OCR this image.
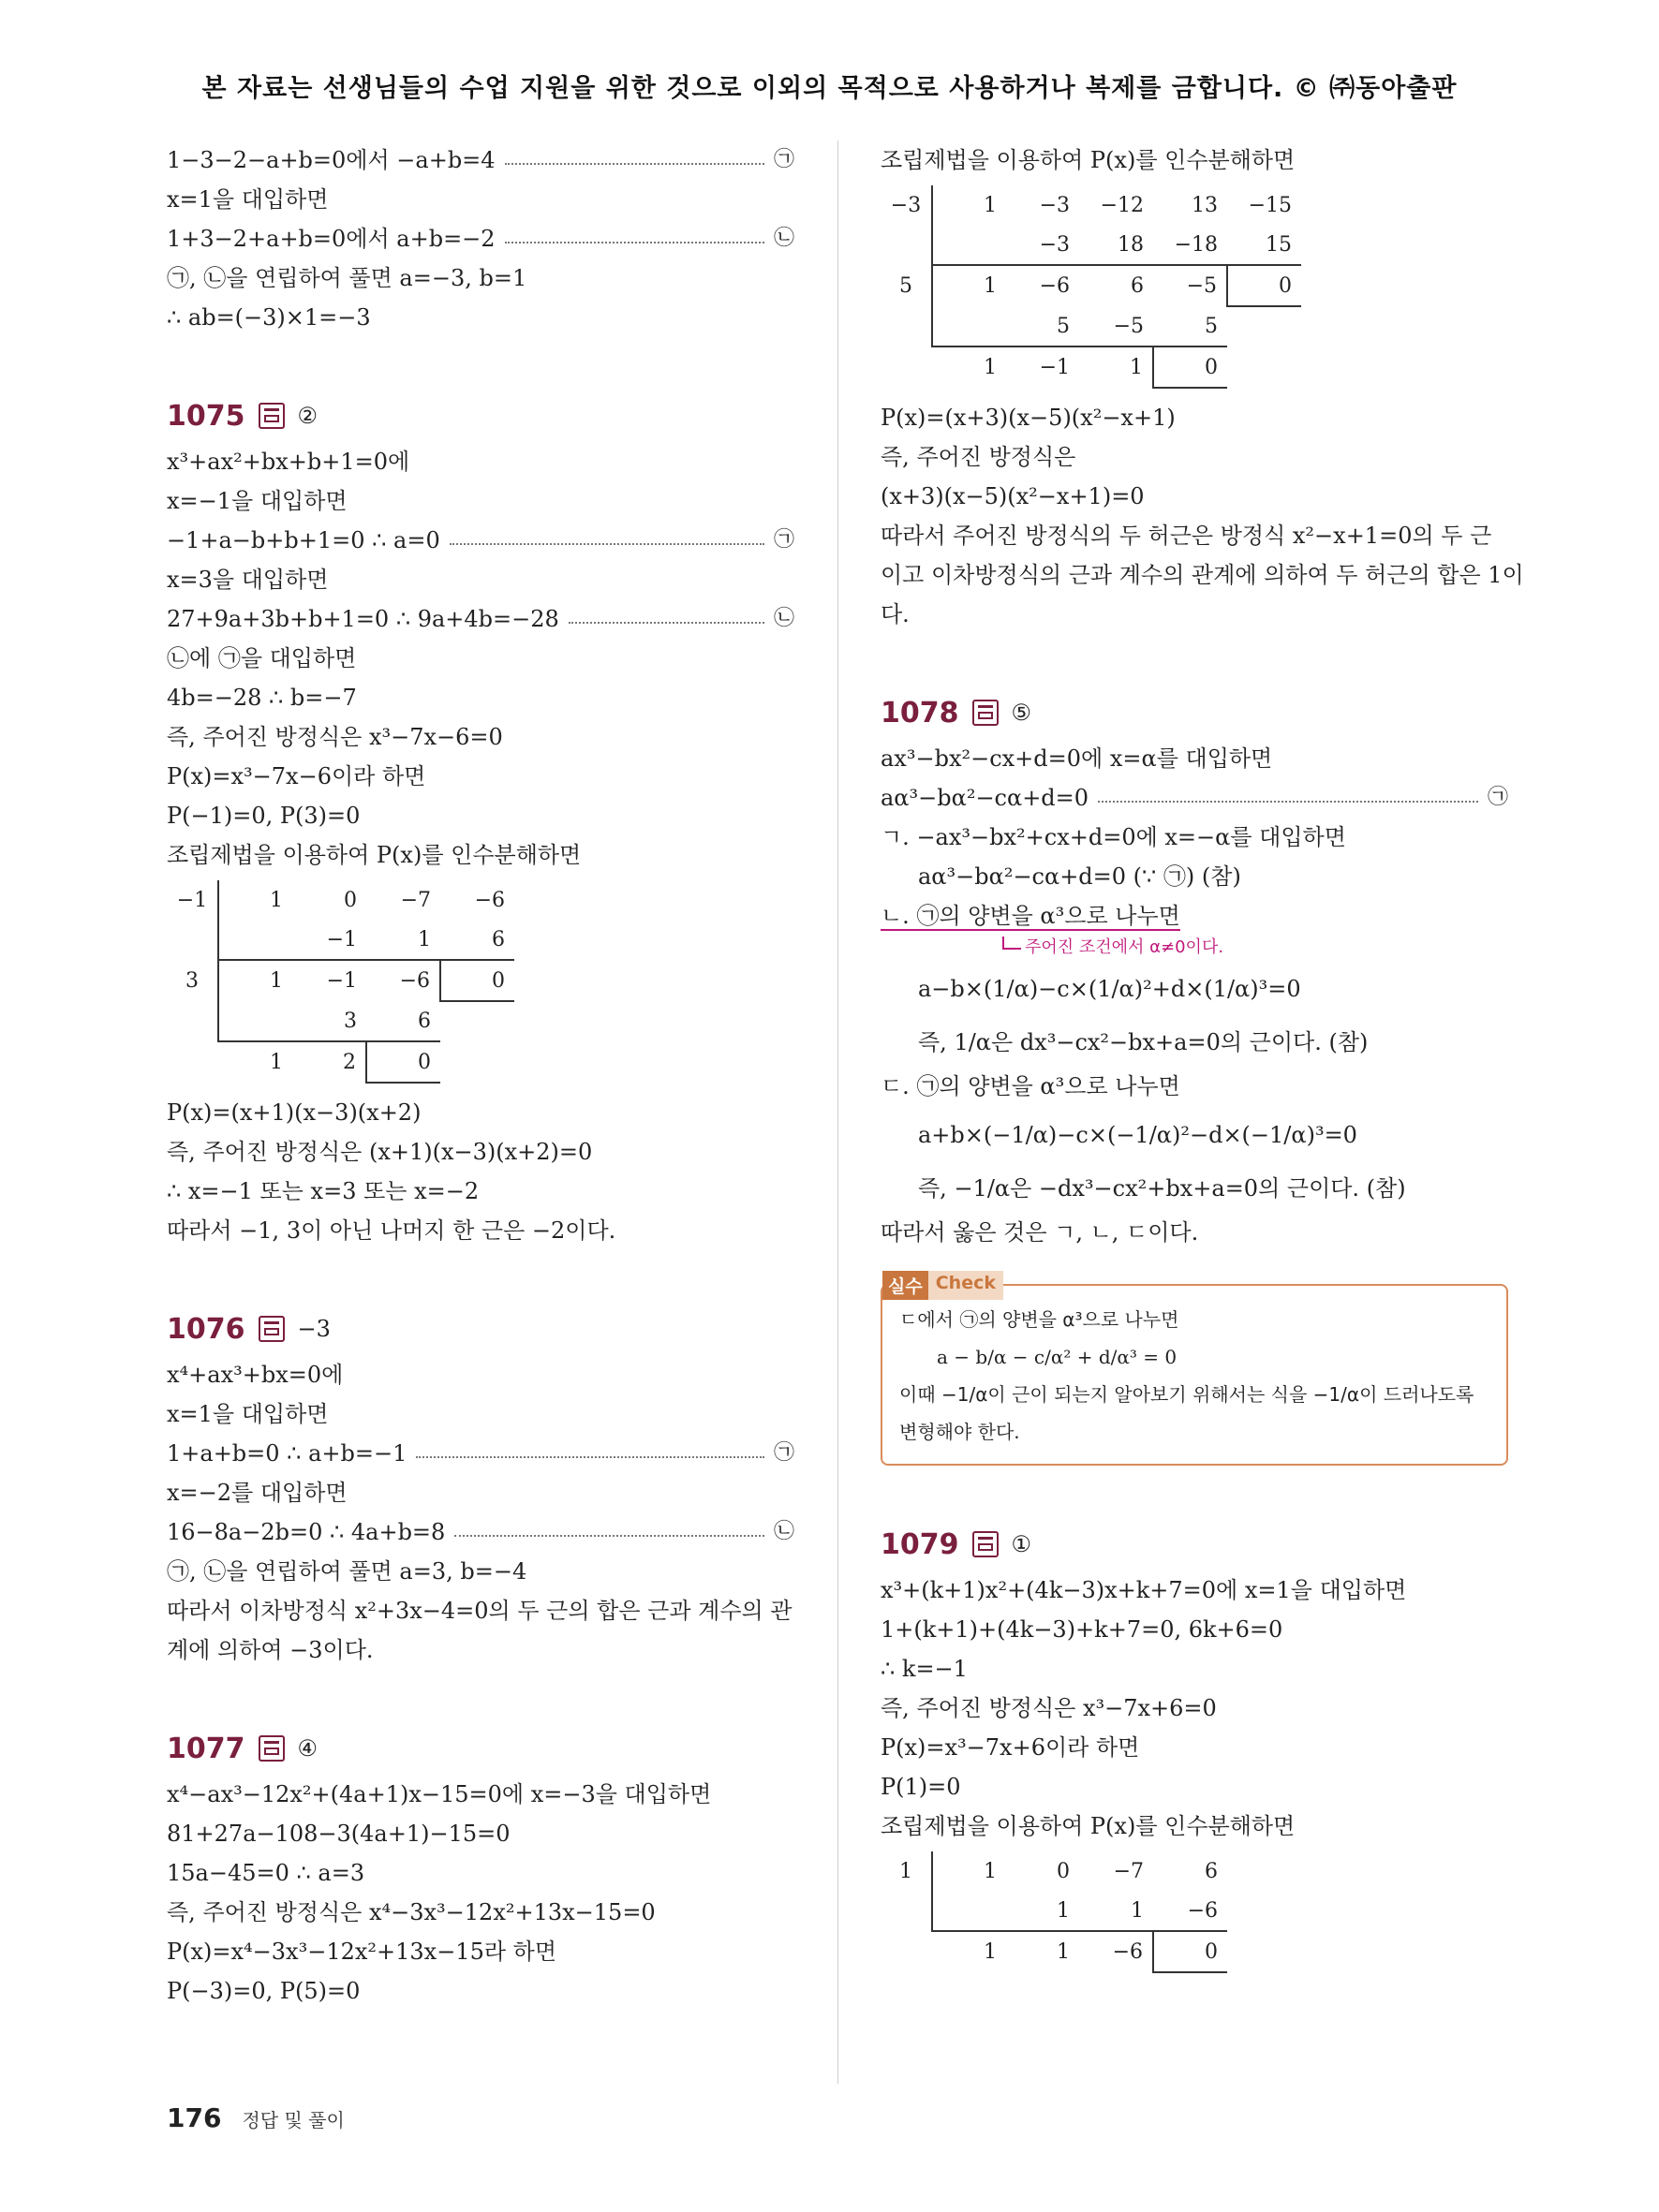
본 자료는 선생님들의 수업 지원을 위한 것으로 이외의 목적으로 사용하거나 복제를 금합니다. © ㈜동아출판
1−3−2−a+b=0에서 −a+b=4	㉠
x=1을 대입하면
1+3−2+a+b=0에서 a+b=−2	㉡
㉠, ㉡을 연립하여 풀면 a=−3, b=1
∴ ab=(−3)×1=−3
1075 ②
x³+ax²+bx+b+1=0에
x=−1을 대입하면
−1+a−b+b+1=0 ∴ a=0	㉠
x=3을 대입하면
27+9a+3b+b+1=0 ∴ 9a+4b=−28	㉡
㉡에 ㉠을 대입하면
4b=−28 ∴ b=−7
즉, 주어진 방정식은 x³−7x−6=0
P(x)=x³−7x−6이라 하면
P(−1)=0, P(3)=0
조립제법을 이용하여 P(x)를 인수분해하면
−1	1	0	−7	−6
		−1	1	6
3	1	−1	−6	0
		3	6	
	1	2	0	
P(x)=(x+1)(x−3)(x+2)
즉, 주어진 방정식은 (x+1)(x−3)(x+2)=0
∴ x=−1 또는 x=3 또는 x=−2
따라서 −1, 3이 아닌 나머지 한 근은 −2이다.
1076 −3
x⁴+ax³+bx=0에
x=1을 대입하면
1+a+b=0 ∴ a+b=−1	㉠
x=−2를 대입하면
16−8a−2b=0 ∴ 4a+b=8	㉡
㉠, ㉡을 연립하여 풀면 a=3, b=−4
따라서 이차방정식 x²+3x−4=0의 두 근의 합은 근과 계수의 관
계에 의하여 −3이다.
1077 ④
x⁴−ax³−12x²+(4a+1)x−15=0에 x=−3을 대입하면
81+27a−108−3(4a+1)−15=0
15a−45=0 ∴ a=3
즉, 주어진 방정식은 x⁴−3x³−12x²+13x−15=0
P(x)=x⁴−3x³−12x²+13x−15라 하면
P(−3)=0, P(5)=0
조립제법을 이용하여 P(x)를 인수분해하면
−3	1	−3	−12	13	−15
		−3	18	−18	15
5	1	−6	6	−5	0
		5	−5	5	
	1	−1	1	0	
P(x)=(x+3)(x−5)(x²−x+1)
즉, 주어진 방정식은
(x+3)(x−5)(x²−x+1)=0
따라서 주어진 방정식의 두 허근은 방정식 x²−x+1=0의 두 근
이고 이차방정식의 근과 계수의 관계에 의하여 두 허근의 합은 1이
다.
1078 ⑤
ax³−bx²−cx+d=0에 x=α를 대입하면
aα³−bα²−cα+d=0	㉠
ㄱ. −ax³−bx²+cx+d=0에 x=−α를 대입하면
aα³−bα²−cα+d=0 (∵ ㉠) (참)
ㄴ. ㉠의 양변을 α³으로 나누면
주어진 조건에서 α≠0이다.
a−b×(1/α)−c×(1/α)²+d×(1/α)³=0
즉, 1/α은 dx³−cx²−bx+a=0의 근이다. (참)
ㄷ. ㉠의 양변을 α³으로 나누면
a+b×(−1/α)−c×(−1/α)²−d×(−1/α)³=0
즉, −1/α은 −dx³−cx²+bx+a=0의 근이다. (참)
따라서 옳은 것은 ㄱ, ㄴ, ㄷ이다.
실수 Check
ㄷ에서 ㉠의 양변을 α³으로 나누면
a − b/α − c/α² + d/α³ = 0
이때 −1/α이 근이 되는지 알아보기 위해서는 식을 −1/α이 드러나도록
변형해야 한다.
1079 ①
x³+(k+1)x²+(4k−3)x+k+7=0에 x=1을 대입하면
1+(k+1)+(4k−3)+k+7=0, 6k+6=0
∴ k=−1
즉, 주어진 방정식은 x³−7x+6=0
P(x)=x³−7x+6이라 하면
P(1)=0
조립제법을 이용하여 P(x)를 인수분해하면
1	1	0	−7	6
		1	1	−6
	1	1	−6	0
176 정답 및 풀이
